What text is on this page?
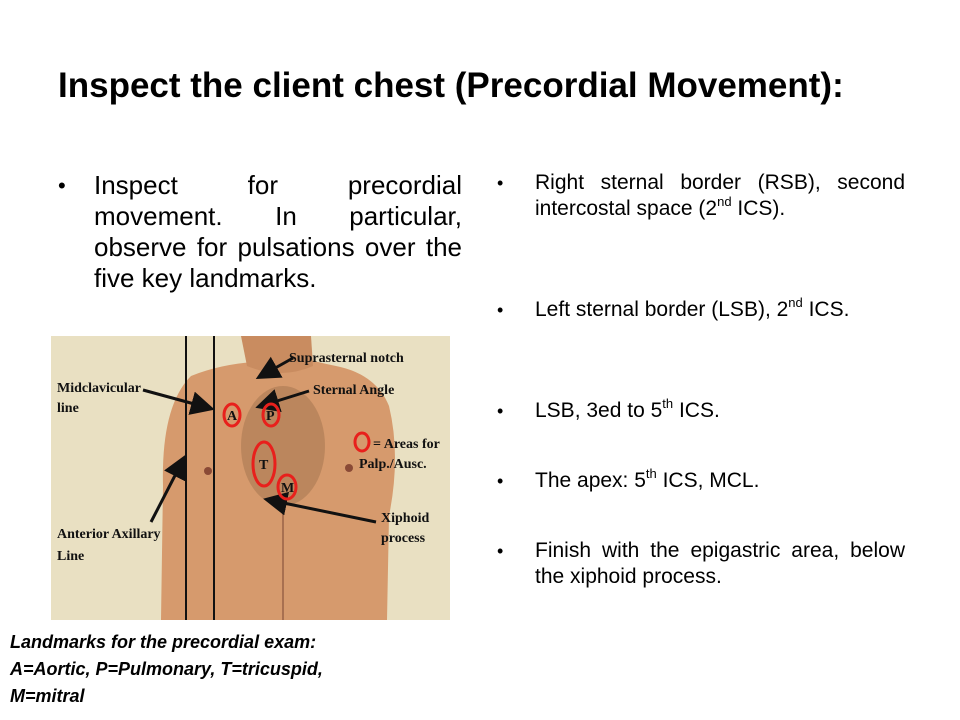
Inspect the client chest (Precordial Movement):
•	Inspect for precordial movement. In particular, observe for pulsations over the five key landmarks.
•	Right sternal border (RSB), second intercostal space (2nd ICS).
•	Left sternal border (LSB), 2nd ICS.
•	LSB, 3ed to 5th ICS.
•	The apex: 5th ICS, MCL.
•	Finish with the epigastric area, below the xiphoid process.
A P
T
M
Suprasternal notch
Sternal Angle
Midclavicular
line
= Areas for
Palp./Ausc.
Xiphoid
process
Anterior Axillary
Line
Landmarks for the precordial exam: A=Aortic, P=Pulmonary, T=tricuspid, M=mitral
